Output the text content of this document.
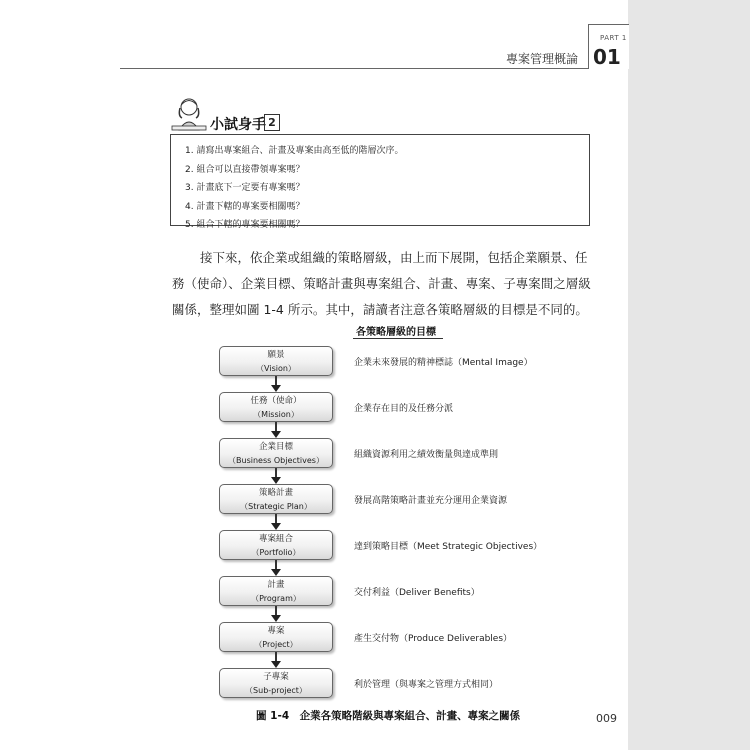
專案管理概論
PART 1
01
小試身手 2
1. 請寫出專案組合、計畫及專案由高至低的階層次序。
2. 組合可以直接帶領專案嗎？
3. 計畫底下一定要有專案嗎？
4. 計畫下轄的專案要相關嗎？
5. 組合下轄的專案要相關嗎？
接下來，依企業或組織的策略層級，由上而下展開，包括企業願景、任務（使命）、企業目標、策略計畫與專案組合、計畫、專案、子專案間之層級關係，整理如圖 1-4 所示。其中，請讀者注意各策略層級的目標是不同的。
各策略層級的目標
願景
（Vision）
企業未來發展的精神標誌（Mental Image）
任務（使命）
（Mission）
企業存在目的及任務分派
企業目標
（Business Objectives）
組織資源利用之績效衡量與達成準則
策略計畫
（Strategic Plan）
發展高階策略計畫並充分運用企業資源
專案組合
（Portfolio）
達到策略目標（Meet Strategic Objectives）
計畫
（Program）
交付利益（Deliver Benefits）
專案
（Project）
產生交付物（Produce Deliverables）
子專案
（Sub-project）
利於管理（與專案之管理方式相同）
圖 1-4　企業各策略階級與專案組合、計畫、專案之關係	009
